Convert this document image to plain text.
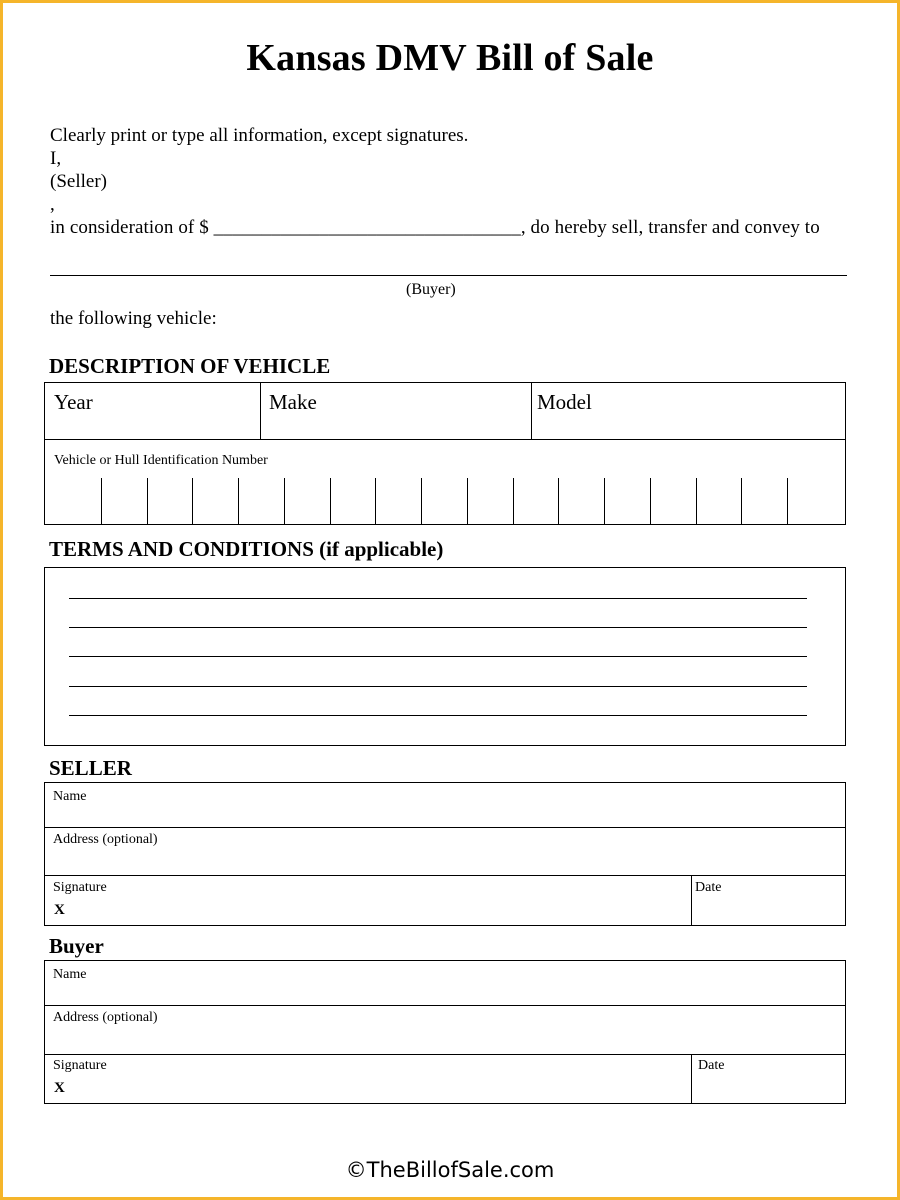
Kansas DMV Bill of Sale
Clearly print or type all information, except signatures.
I,
(Seller)
,
in consideration of $ ________________________________, do hereby sell, transfer and convey to
(Buyer)
the following vehicle:
DESCRIPTION OF VEHICLE
Year	Make	Model
Vehicle or Hull Identification Number
TERMS AND CONDITIONS (if applicable)
SELLER
Name
Address (optional)
Signature
X
Date
Buyer
Name
Address (optional)
Signature
X
Date
©TheBillofSale.com
